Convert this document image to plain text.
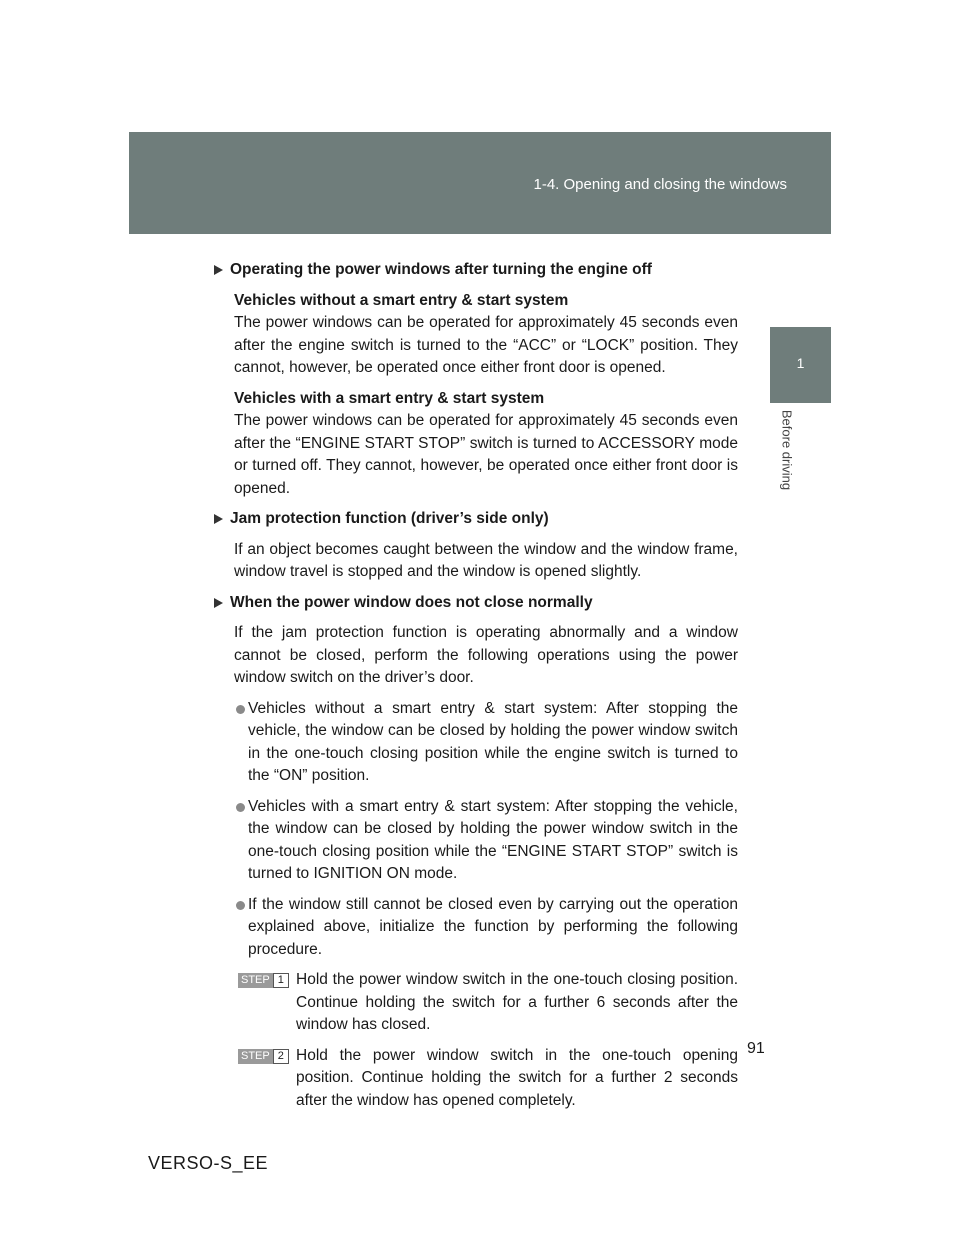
1-4. Opening and closing the windows
1
Before driving
Operating the power windows after turning the engine off
Vehicles without a smart entry & start system
The power windows can be operated for approximately 45 seconds even after the engine switch is turned to the “ACC” or “LOCK” position. They cannot, however, be operated once either front door is opened.
Vehicles with a smart entry & start system
The power windows can be operated for approximately 45 seconds even after the “ENGINE START STOP” switch is turned to ACCESSORY mode or turned off. They cannot, however, be operated once either front door is opened.
Jam protection function (driver’s side only)
If an object becomes caught between the window and the window frame, window travel is stopped and the window is opened slightly.
When the power window does not close normally
If the jam protection function is operating abnormally and a window cannot be closed, perform the following operations using the power window switch on the driver’s door.
Vehicles without a smart entry & start system: After stopping the vehicle, the window can be closed by holding the power window switch in the one-touch closing position while the engine switch is turned to the “ON” position.
Vehicles with a smart entry & start system: After stopping the vehicle, the window can be closed by holding the power window switch in the one-touch closing position while the “ENGINE START STOP” switch is turned to IGNITION ON mode.
If the window still cannot be closed even by carrying out the operation explained above, initialize the function by performing the following procedure.
STEP 1 Hold the power window switch in the one-touch closing position. Continue holding the switch for a further 6 seconds after the window has closed.
STEP 2 Hold the power window switch in the one-touch opening position. Continue holding the switch for a further 2 seconds after the window has opened completely.
91
VERSO-S_EE
